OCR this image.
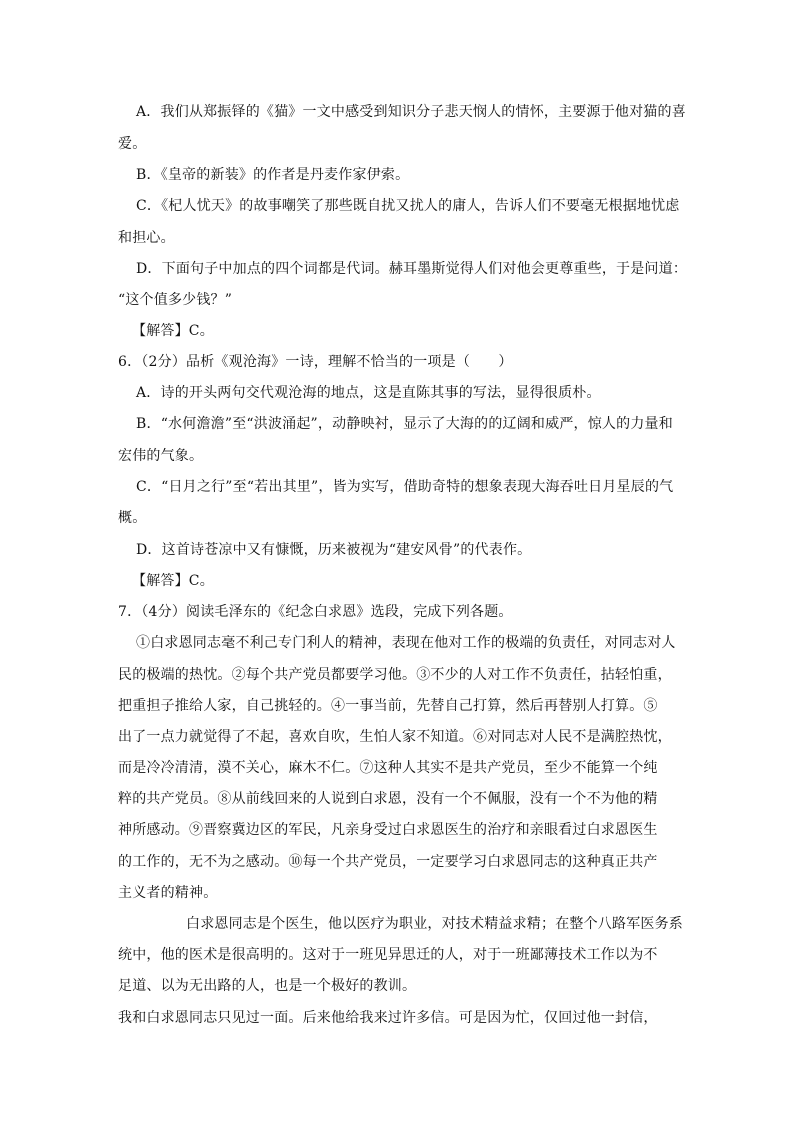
A．我们从郑振铎的《猫》一文中感受到知识分子悲天悯人的情怀，主要源于他对猫的喜
爱。
B．《皇帝的新装》的作者是丹麦作家伊索。
C．《杞人忧天》的故事嘲笑了那些既自扰又扰人的庸人，告诉人们不要毫无根据地忧虑
和担心。
D．下面句子中加点的四个词都是代词。赫耳墨斯觉得人们对他会更尊重些，于是问道：
“这个值多少钱？”
【解答】C。
6．（2分）品析《观沧海》一诗，理解不恰当的一项是（　　）
A．诗的开头两句交代观沧海的地点，这是直陈其事的写法，显得很质朴。
B．“水何澹澹”至“洪波涌起”，动静映衬，显示了大海的的辽阔和威严，惊人的力量和
宏伟的气象。
C．“日月之行”至“若出其里”，皆为实写，借助奇特的想象表现大海吞吐日月星辰的气
概。
D．这首诗苍凉中又有慷慨，历来被视为“建安风骨”的代表作。
【解答】C。
7．（4分）阅读毛泽东的《纪念白求恩》选段，完成下列各题。
①白求恩同志毫不利己专门利人的精神，表现在他对工作的极端的负责任，对同志对人
民的极端的热忱。②每个共产党员都要学习他。③不少的人对工作不负责任，拈轻怕重，
把重担子推给人家，自己挑轻的。④一事当前，先替自己打算，然后再替别人打算。⑤
出了一点力就觉得了不起，喜欢自吹，生怕人家不知道。⑥对同志对人民不是满腔热忱，
而是冷冷清清，漠不关心，麻木不仁。⑦这种人其实不是共产党员，至少不能算一个纯
粹的共产党员。⑧从前线回来的人说到白求恩，没有一个不佩服，没有一个不为他的精
神所感动。⑨晋察冀边区的军民，凡亲身受过白求恩医生的治疗和亲眼看过白求恩医生
的工作的，无不为之感动。⑩每一个共产党员，一定要学习白求恩同志的这种真正共产
主义者的精神。
白求恩同志是个医生，他以医疗为职业，对技术精益求精；在整个八路军医务系
统中，他的医术是很高明的。这对于一班见异思迁的人，对于一班鄙薄技术工作以为不
足道、以为无出路的人，也是一个极好的教训。
我和白求恩同志只见过一面。后来他给我来过许多信。可是因为忙，仅回过他一封信，
